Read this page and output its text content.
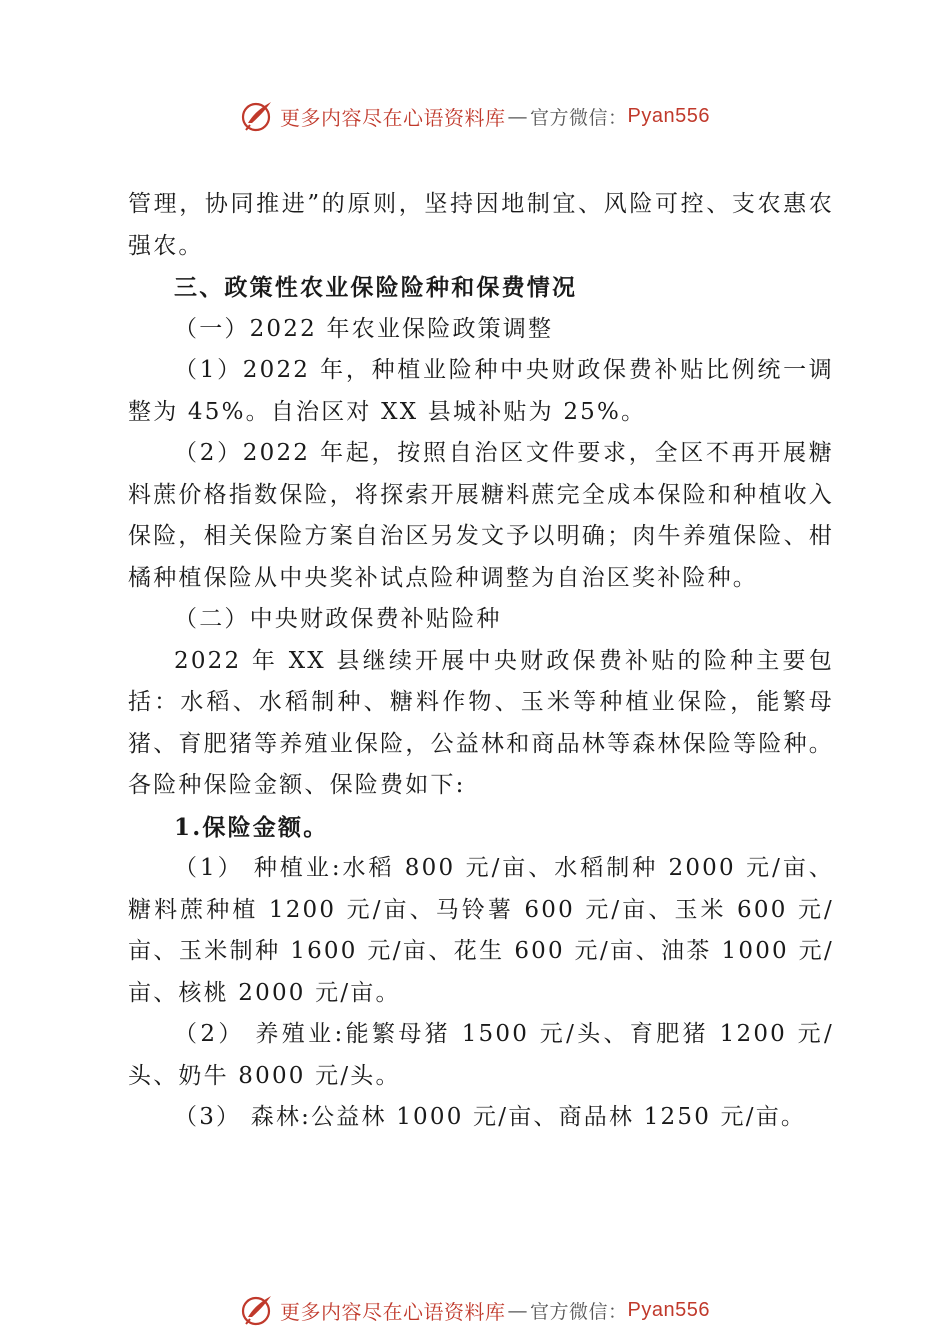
更多内容尽在心语资料库 — 官方微信： Pyan556

管理，协同推进”的原则，坚持因地制宜、风险可控、支农惠农强农。

三、政策性农业保险险种和保费情况

（一）2022 年农业保险政策调整

（1）2022 年，种植业险种中央财政保费补贴比例统一调整为 45%。自治区对 XX 县城补贴为 25%。

（2）2022 年起，按照自治区文件要求，全区不再开展糖料蔗价格指数保险，将探索开展糖料蔗完全成本保险和种植收入保险，相关保险方案自治区另发文予以明确；肉牛养殖保险、柑橘种植保险从中央奖补试点险种调整为自治区奖补险种。

（二）中央财政保费补贴险种

2022 年 XX 县继续开展中央财政保费补贴的险种主要包括：水稻、水稻制种、糖料作物、玉米等种植业保险，能繁母猪、育肥猪等养殖业保险，公益林和商品林等森林保险等险种。各险种保险金额、保险费如下:

1.保险金额。

（1） 种植业:水稻 800 元/亩、水稻制种 2000 元/亩、糖料蔗种植 1200 元/亩、马铃薯 600 元/亩、玉米 600 元/亩、玉米制种 1600 元/亩、花生 600 元/亩、油茶 1000 元/亩、核桃 2000 元/亩。

（2） 养殖业:能繁母猪 1500 元/头、育肥猪 1200 元/头、奶牛 8000 元/头。

（3） 森林:公益林 1000 元/亩、商品林 1250 元/亩。

更多内容尽在心语资料库 — 官方微信： Pyan556
